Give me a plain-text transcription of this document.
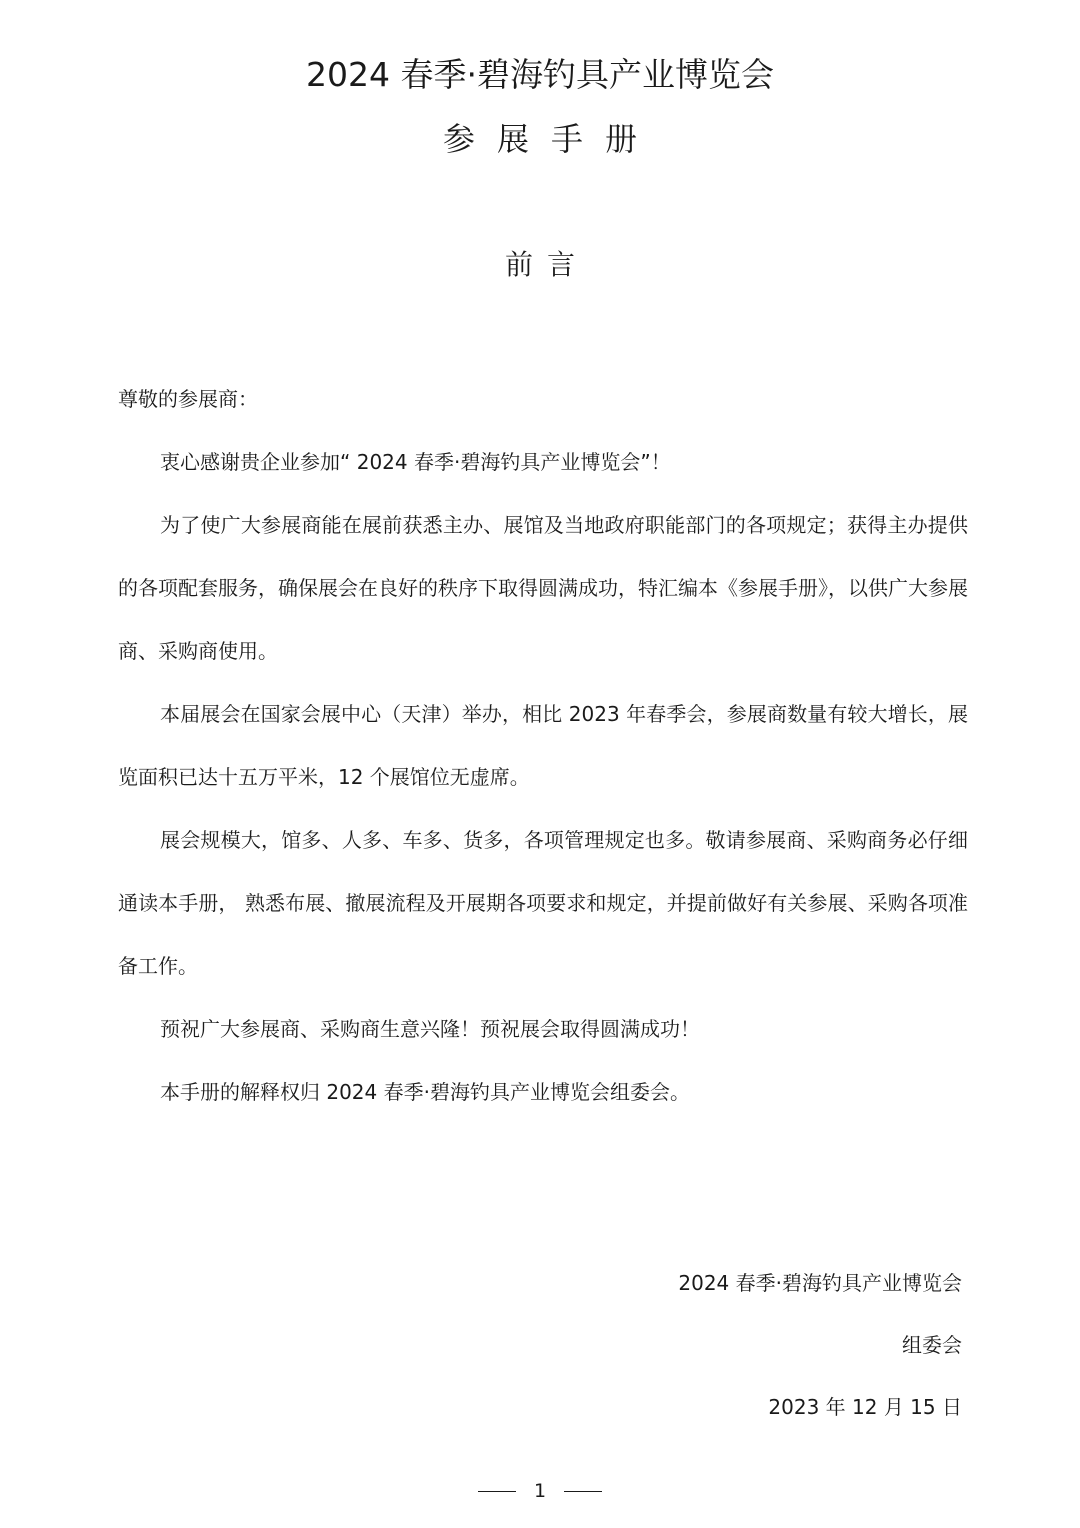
2024 春季·碧海钓具产业博览会
参展手册
前言

尊敬的参展商：

衷心感谢贵企业参加“ 2024 春季·碧海钓具产业博览会”！

为了使广大参展商能在展前获悉主办、展馆及当地政府职能部门的各项规定；获得主办提供的各项配套服务，确保展会在良好的秩序下取得圆满成功，特汇编本《参展手册》，以供广大参展商、采购商使用。

本届展会在国家会展中心（天津）举办，相比 2023 年春季会，参展商数量有较大增长，展览面积已达十五万平米，12 个展馆位无虚席。

展会规模大，馆多、人多、车多、货多，各项管理规定也多。敬请参展商、采购商务必仔细通读本手册， 熟悉布展、撤展流程及开展期各项要求和规定，并提前做好有关参展、采购各项准备工作。

预祝广大参展商、采购商生意兴隆！预祝展会取得圆满成功！

本手册的解释权归 2024 春季·碧海钓具产业博览会组委会。

2024 春季·碧海钓具产业博览会
组委会
2023 年 12 月 15 日
1
